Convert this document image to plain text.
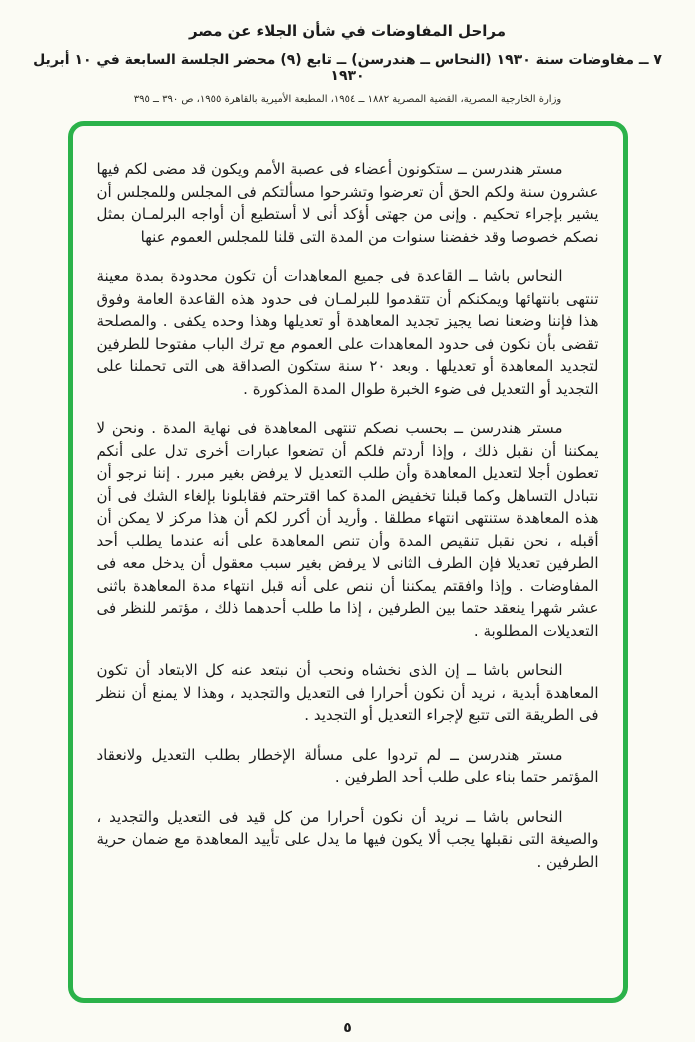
مراحل المفاوضات في شأن الجلاء عن مصر
٧ ــ مفاوضات سنة ١٩٣٠ (النحاس ــ هندرسن) ــ تابع (٩) محضر الجلسة السابعة في ١٠ أبريل ١٩٣٠
وزارة الخارجية المصرية، القضية المصرية ١٨٨٢ ــ ١٩٥٤، المطبعة الأميرية بالقاهرة ١٩٥٥، ص ٣٩٠ ــ ٣٩٥

مستر هندرسن ــ ستكونون أعضاء فى عصبة الأمم ويكون قد مضى لكم فيها عشرون سنة ولكم الحق أن تعرضوا وتشرحوا مسألتكم فى المجلس وللمجلس أن يشير بإجراء تحكيم . وإنى من جهتى أؤكد أنى لا أستطيع أن أواجه البرلمـان بمثل نصكم خصوصا وقد خفضنا سنوات من المدة التى قلنا للمجلس العموم عنها

النحاس باشا ــ القاعدة فى جميع المعاهدات أن تكون محدودة بمدة معينة تنتهى بانتهائها ويمكنكم أن تتقدموا للبرلمـان فى حدود هذه القاعدة العامة وفوق هذا فإننا وضعنا نصا يجيز تجديد المعاهدة أو تعديلها وهذا وحده يكفى . والمصلحة تقضى بأن نكون فى حدود المعاهدات على العموم مع ترك الباب مفتوحا للطرفين لتجديد المعاهدة أو تعديلها . وبعد ٢٠ سنة ستكون الصداقة هى التى تحملنا على التجديد أو التعديل فى ضوء الخبرة طوال المدة المذكورة .

مستر هندرسن ــ بحسب نصكم تنتهى المعاهدة فى نهاية المدة . ونحن لا يمكننا أن نقبل ذلك ، وإذا أردتم فلكم أن تضعوا عبارات أخرى تدل على أنكم تعطون أجلا لتعديل المعاهدة وأن طلب التعديل لا يرفض بغير مبرر . إننا نرجو أن نتبادل التساهل وكما قبلنا تخفيض المدة كما اقترحتم فقابلونا بإلغاء الشك فى أن هذه المعاهدة ستنتهى انتهاء مطلقا . وأريد أن أكرر لكم أن هذا مركز لا يمكن أن أقبله ، نحن نقبل تنقيص المدة وأن تنص المعاهدة على أنه عندما يطلب أحد الطرفين تعديلا فإن الطرف الثانى لا يرفض بغير سبب معقول أن يدخل معه فى المفاوضات . وإذا وافقتم يمكننا أن ننص على أنه قبل انتهاء مدة المعاهدة باثنى عشر شهرا ينعقد حتما بين الطرفين ، إذا ما طلب أحدهما ذلك ، مؤتمر للنظر فى التعديلات المطلوبة .

النحاس باشا ــ إن الذى نخشاه ونحب أن نبتعد عنه كل الابتعاد أن تكون المعاهدة أبدية ، نريد أن نكون أحرارا فى التعديل والتجديد ، وهذا لا يمنع أن ننظر فى الطريقة التى تتبع لإجراء التعديل أو التجديد .

مستر هندرسن ــ لم تردوا على مسألة الإخطار بطلب التعديل ولانعقاد المؤتمر حتما بناء على طلب أحد الطرفين .

النحاس باشا ــ نريد أن نكون أحرارا من كل قيد فى التعديل والتجديد ، والصيغة التى نقبلها يجب ألا يكون فيها ما يدل على تأييد المعاهدة مع ضمان حرية الطرفين .

٥
